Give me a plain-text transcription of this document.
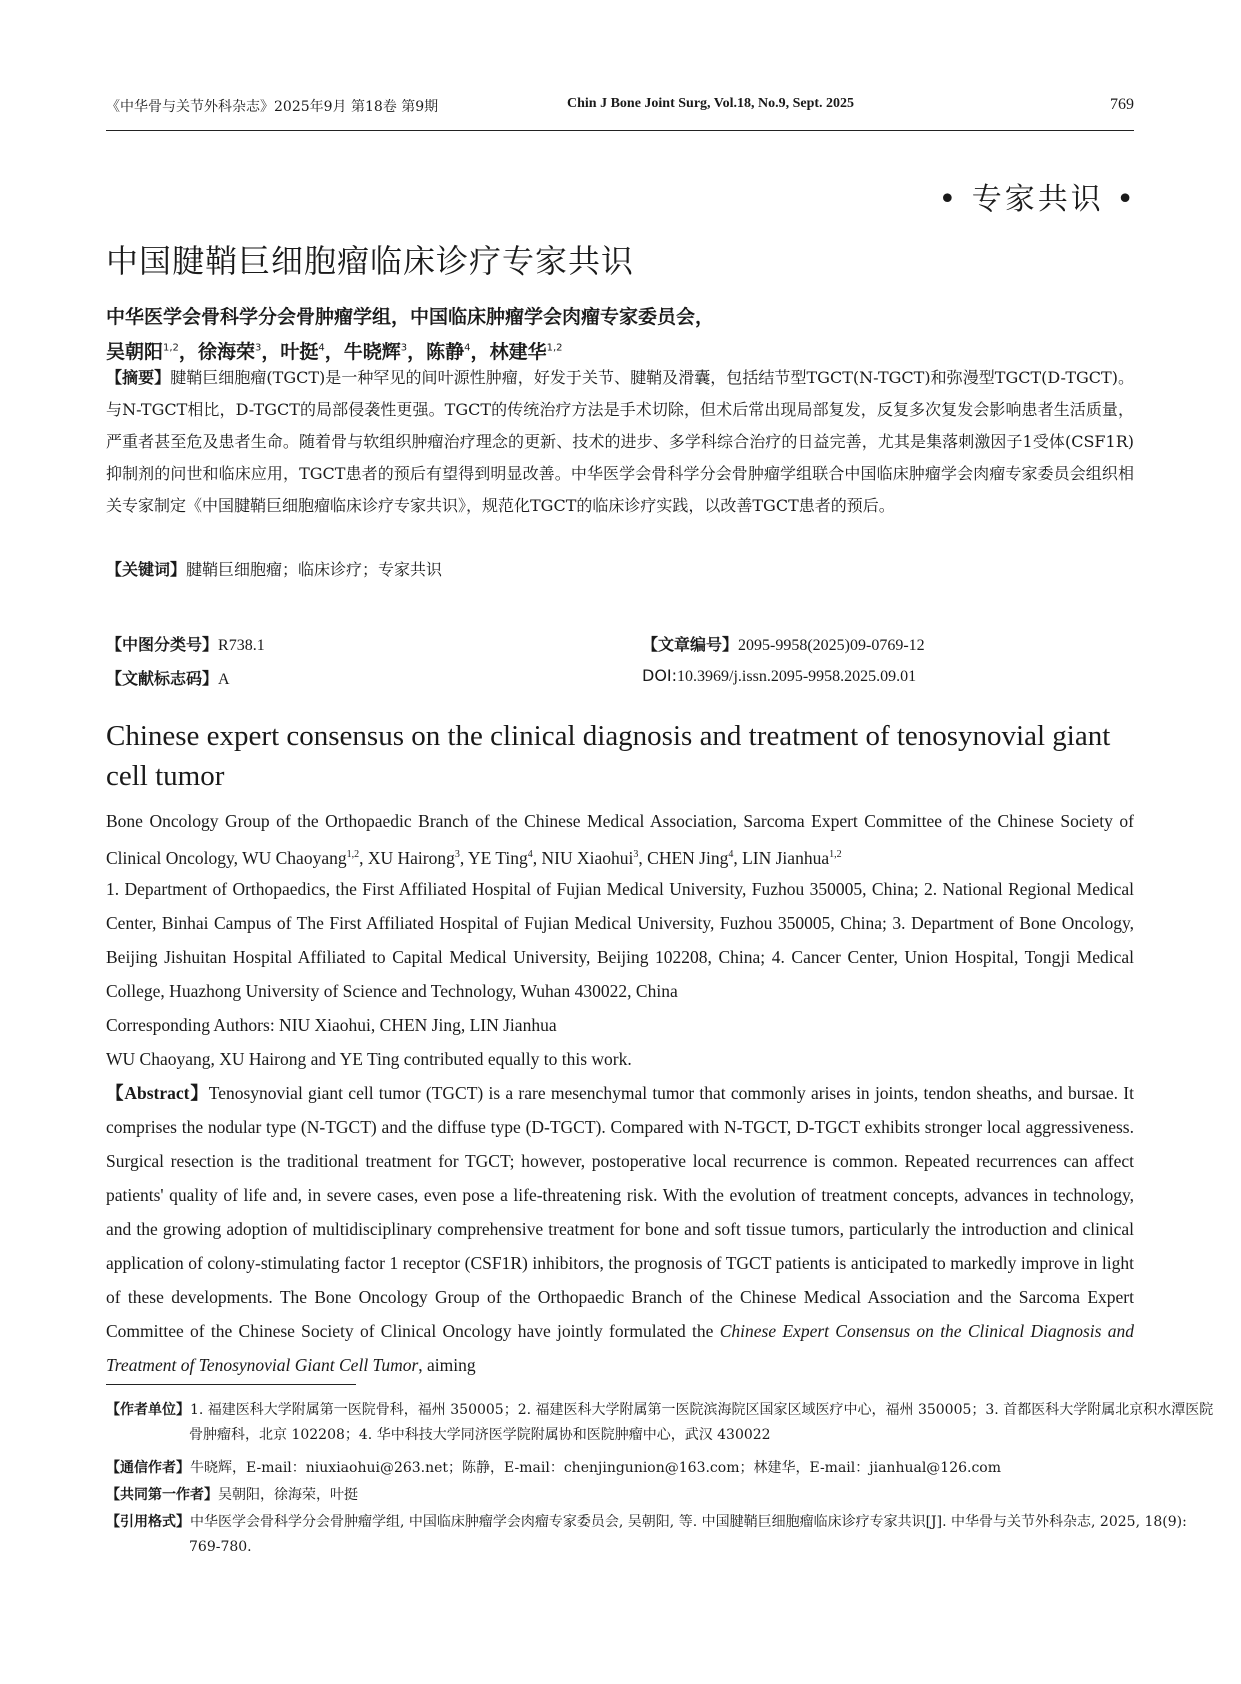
《中华骨与关节外科杂志》2025年9月 第18卷 第9期	Chin J Bone Joint Surg, Vol.18, No.9, Sept. 2025	769
• 专家共识 •
中国腱鞘巨细胞瘤临床诊疗专家共识
中华医学会骨科学分会骨肿瘤学组，中国临床肿瘤学会肉瘤专家委员会，
吴朝阳$^{1,2}$，徐海荣$^3$，叶挺$^4$，牛晓辉$^3$，陈静$^4$，林建华$^{1,2}$
【摘要】腱鞘巨细胞瘤(TGCT)是一种罕见的间叶源性肿瘤，好发于关节、腱鞘及滑囊，包括结节型TGCT(N-TGCT)和弥漫型TGCT(D-TGCT)。与N-TGCT相比，D-TGCT的局部侵袭性更强。TGCT的传统治疗方法是手术切除，但术后常出现局部复发，反复多次复发会影响患者生活质量，严重者甚至危及患者生命。随着骨与软组织肿瘤治疗理念的更新、技术的进步、多学科综合治疗的日益完善，尤其是集落刺激因子1受体(CSF1R)抑制剂的问世和临床应用，TGCT患者的预后有望得到明显改善。中华医学会骨科学分会骨肿瘤学组联合中国临床肿瘤学会肉瘤专家委员会组织相关专家制定《中国腱鞘巨细胞瘤临床诊疗专家共识》，规范化TGCT的临床诊疗实践，以改善TGCT患者的预后。
【关键词】腱鞘巨细胞瘤；临床诊疗；专家共识
【中图分类号】R738.1	【文章编号】2095-9958(2025)09-0769-12
【文献标志码】A	DOI:10.3969/j.issn.2095-9958.2025.09.01
Chinese expert consensus on the clinical diagnosis and treatment of tenosynovial giant cell tumor
Bone Oncology Group of the Orthopaedic Branch of the Chinese Medical Association, Sarcoma Expert Committee of the Chinese Society of Clinical Oncology, WU Chaoyang$^{1,2}$, XU Hairong$^3$, YE Ting$^4$, NIU Xiaohui$^3$, CHEN Jing$^4$, LIN Jianhua$^{1,2}$
1. Department of Orthopaedics, the First Affiliated Hospital of Fujian Medical University, Fuzhou 350005, China; 2. National Regional Medical Center, Binhai Campus of The First Affiliated Hospital of Fujian Medical University, Fuzhou 350005, China; 3. Department of Bone Oncology, Beijing Jishuitan Hospital Affiliated to Capital Medical University, Beijing 102208, China; 4. Cancer Center, Union Hospital, Tongji Medical College, Huazhong University of Science and Technology, Wuhan 430022, China
Corresponding Authors: NIU Xiaohui, CHEN Jing, LIN Jianhua
WU Chaoyang, XU Hairong and YE Ting contributed equally to this work.
【Abstract】Tenosynovial giant cell tumor (TGCT) is a rare mesenchymal tumor that commonly arises in joints, tendon sheaths, and bursae. It comprises the nodular type (N-TGCT) and the diffuse type (D-TGCT). Compared with N-TGCT, D-TGCT exhibits stronger local aggressiveness. Surgical resection is the traditional treatment for TGCT; however, postoperative local recurrence is common. Repeated recurrences can affect patients' quality of life and, in severe cases, even pose a life-threatening risk. With the evolution of treatment concepts, advances in technology, and the growing adoption of multidisciplinary comprehensive treatment for bone and soft tissue tumors, particularly the introduction and clinical application of colony-stimulating factor 1 receptor (CSF1R) inhibitors, the prognosis of TGCT patients is anticipated to markedly improve in light of these developments. The Bone Oncology Group of the Orthopaedic Branch of the Chinese Medical Association and the Sarcoma Expert Committee of the Chinese Society of Clinical Oncology have jointly formulated the Chinese Expert Consensus on the Clinical Diagnosis and Treatment of Tenosynovial Giant Cell Tumor, aiming
【作者单位】1. 福建医科大学附属第一医院骨科，福州 350005；2. 福建医科大学附属第一医院滨海院区国家区域医疗中心，福州 350005；3. 首都医科大学附属北京积水潭医院骨肿瘤科，北京 102208；4. 华中科技大学同济医学院附属协和医院肿瘤中心，武汉 430022
【通信作者】牛晓辉，E-mail：niuxiaohui@263.net；陈静，E-mail：chenjingunion@163.com；林建华，E-mail：jianhual@126.com
【共同第一作者】吴朝阳，徐海荣，叶挺
【引用格式】中华医学会骨科学分会骨肿瘤学组, 中国临床肿瘤学会肉瘤专家委员会, 吴朝阳, 等. 中国腱鞘巨细胞瘤临床诊疗专家共识[J]. 中华骨与关节外科杂志, 2025, 18(9): 769-780.
